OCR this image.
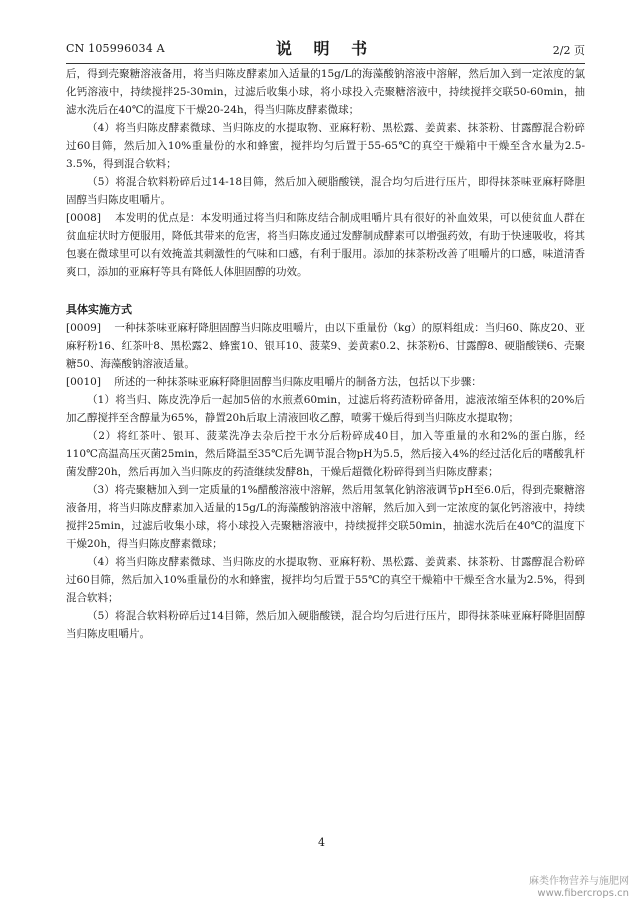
CN 105996034 A	说 明 书	2/2 页

后，得到壳聚糖溶液备用，将当归陈皮酵素加入适量的15g/L的海藻酸钠溶液中溶解，然后加入到一定浓度的氯化钙溶液中，持续搅拌25-30min，过滤后收集小球，将小球投入壳聚糖溶液中，持续搅拌交联50-60min，抽滤水洗后在40℃的温度下干燥20-24h，得当归陈皮酵素微球；

（4）将当归陈皮酵素微球、当归陈皮的水提取物、亚麻籽粉、黑松露、姜黄素、抹茶粉、甘露醇混合粉碎过60目筛，然后加入10%重量份的水和蜂蜜，搅拌均匀后置于55-65℃的真空干燥箱中干燥至含水量为2.5-3.5%，得到混合软料；

（5）将混合软料粉碎后过14-18目筛，然后加入硬脂酸镁，混合均匀后进行压片，即得抹茶味亚麻籽降胆固醇当归陈皮咀嚼片。

[0008] 本发明的优点是：本发明通过将当归和陈皮结合制成咀嚼片具有很好的补血效果，可以使贫血人群在贫血症状时方便服用，降低其带来的危害，将当归陈皮通过发酵制成酵素可以增强药效，有助于快速吸收，将其包裹在微球里可以有效掩盖其刺激性的气味和口感，有利于服用。添加的抹茶粉改善了咀嚼片的口感，味道清香爽口，添加的亚麻籽等具有降低人体胆固醇的功效。

具体实施方式

[0009] 一种抹茶味亚麻籽降胆固醇当归陈皮咀嚼片，由以下重量份（kg）的原料组成：当归60、陈皮20、亚麻籽粉16、红茶叶8、黑松露2、蜂蜜10、银耳10、菠菜9、姜黄素0.2、抹茶粉6、甘露醇8、硬脂酸镁6、壳聚糖50、海藻酸钠溶液适量。

[0010] 所述的一种抹茶味亚麻籽降胆固醇当归陈皮咀嚼片的制备方法，包括以下步骤：

（1）将当归、陈皮洗净后一起加5倍的水煎煮60min，过滤后将药渣粉碎备用，滤液浓缩至体积的20%后加乙醇搅拌至含醇量为65%，静置20h后取上清液回收乙醇，喷雾干燥后得到当归陈皮水提取物；

（2）将红茶叶、银耳、菠菜洗净去杂后控干水分后粉碎成40目，加入等重量的水和2%的蛋白胨，经110℃高温高压灭菌25min，然后降温至35℃后先调节混合物pH为5.5，然后接入4%的经过活化后的嗜酸乳杆菌发酵20h，然后再加入当归陈皮的药渣继续发酵8h，干燥后超微化粉碎得到当归陈皮酵素；

（3）将壳聚糖加入到一定质量的1%醋酸溶液中溶解，然后用氢氧化钠溶液调节pH至6.0后，得到壳聚糖溶液备用，将当归陈皮酵素加入适量的15g/L的海藻酸钠溶液中溶解，然后加入到一定浓度的氯化钙溶液中，持续搅拌25min，过滤后收集小球，将小球投入壳聚糖溶液中，持续搅拌交联50min，抽滤水洗后在40℃的温度下干燥20h，得当归陈皮酵素微球；

（4）将当归陈皮酵素微球、当归陈皮的水提取物、亚麻籽粉、黑松露、姜黄素、抹茶粉、甘露醇混合粉碎过60目筛，然后加入10%重量份的水和蜂蜜，搅拌均匀后置于55℃的真空干燥箱中干燥至含水量为2.5%，得到混合软料；

（5）将混合软料粉碎后过14目筛，然后加入硬脂酸镁，混合均匀后进行压片，即得抹茶味亚麻籽降胆固醇当归陈皮咀嚼片。

4
麻类作物营养与施肥网
www.fibercrops.cn
